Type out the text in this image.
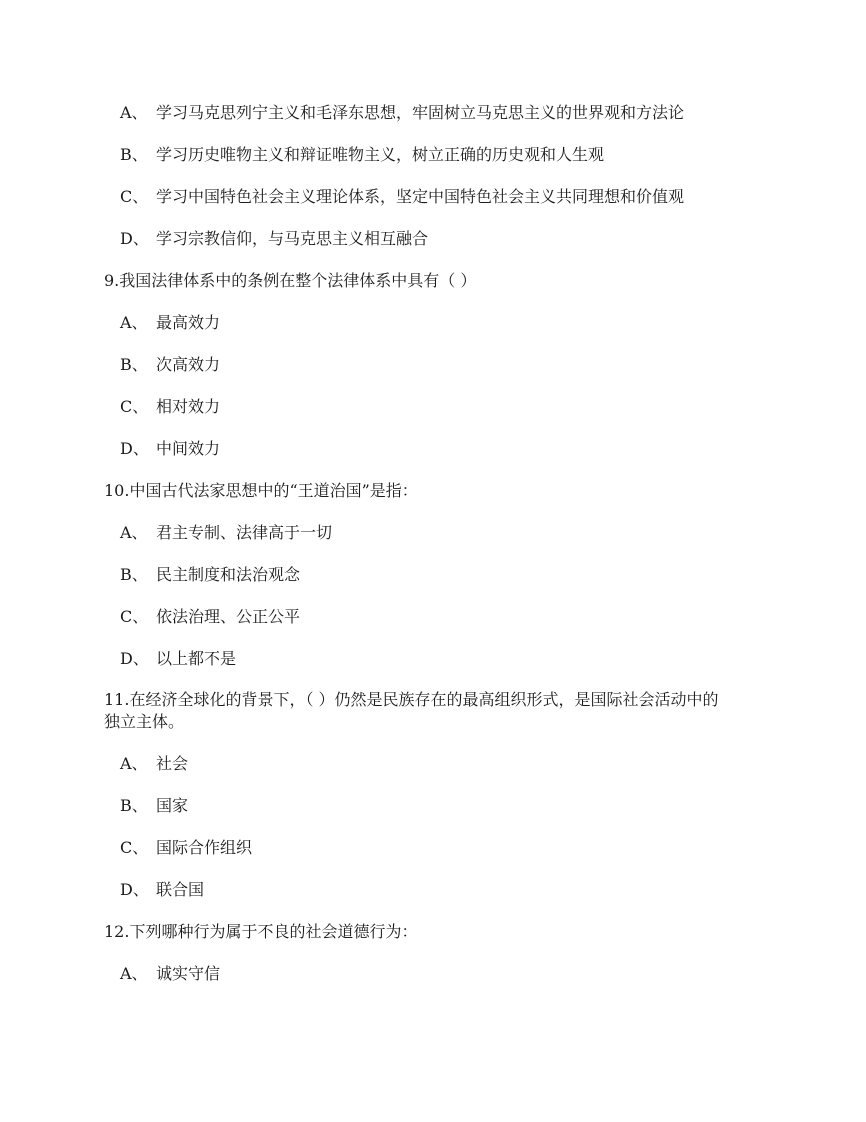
A、 学习马克思列宁主义和毛泽东思想，牢固树立马克思主义的世界观和方法论
B、 学习历史唯物主义和辩证唯物主义，树立正确的历史观和人生观
C、 学习中国特色社会主义理论体系，坚定中国特色社会主义共同理想和价值观
D、 学习宗教信仰，与马克思主义相互融合
9.我国法律体系中的条例在整个法律体系中具有（ ）
A、 最高效力
B、 次高效力
C、 相对效力
D、 中间效力
10.中国古代法家思想中的“王道治国”是指：
A、 君主专制、法律高于一切
B、 民主制度和法治观念
C、 依法治理、公正公平
D、 以上都不是
11.在经济全球化的背景下，（ ）仍然是民族存在的最高组织形式，是国际社会活动中的
独立主体。
A、 社会
B、 国家
C、 国际合作组织
D、 联合国
12.下列哪种行为属于不良的社会道德行为：
A、 诚实守信
